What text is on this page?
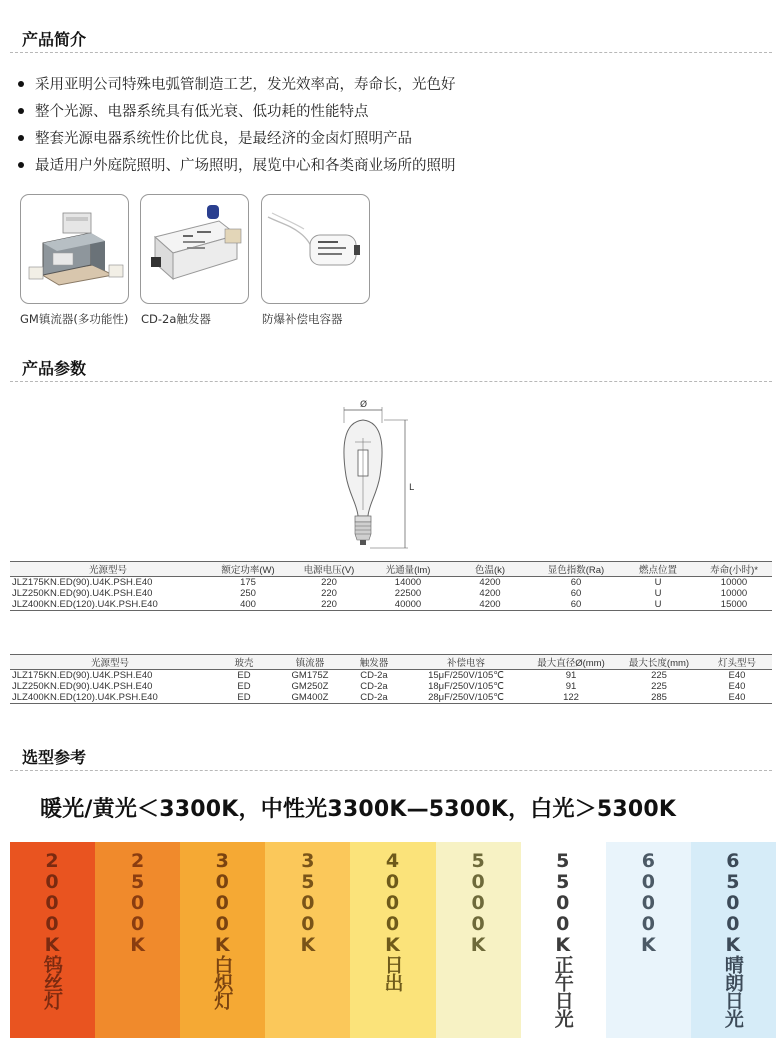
产品简介
采用亚明公司特殊电弧管制造工艺，发光效率高，寿命长，光色好
整个光源、电器系统具有低光衰、低功耗的性能特点
整套光源电器系统性价比优良，是最经济的金卤灯照明产品
最适用户外庭院照明、广场照明，展览中心和各类商业场所的照明
GM镇流器(多功能性) CD-2a触发器	防爆补偿电容器
产品参数
Ø
L
光源型号	额定功率(W)	电源电压(V)	光通量(lm)	色温(k)	显色指数(Ra)	燃点位置	寿命(小时)*
JLZ175KN.ED(90).U4K.PSH.E40	175	220	14000	4200	60	U	10000
JLZ250KN.ED(90).U4K.PSH.E40	250	220	22500	4200	60	U	10000
JLZ400KN.ED(120).U4K.PSH.E40	400	220	40000	4200	60	U	15000
光源型号	玻壳	镇流器	触发器	补偿电容	最大直径Ø(mm)	最大长度(mm)	灯头型号
JLZ175KN.ED(90).U4K.PSH.E40	ED	GM175Z	CD-2a	15μF/250V/105℃	91	225	E40
JLZ250KN.ED(90).U4K.PSH.E40	ED	GM250Z	CD-2a	18μF/250V/105℃	91	225	E40
JLZ400KN.ED(120).U4K.PSH.E40	ED	GM400Z	CD-2a	28μF/250V/105℃	122	285	E40
选型参考
暖光/黄光＜3300K，中性光3300K—5300K，白光＞5300K
2000K钨丝灯	2500K	3000K白炽灯	3500K	4000K日出	5000K	5500K正午日光	6000K	6500K晴朗日光
